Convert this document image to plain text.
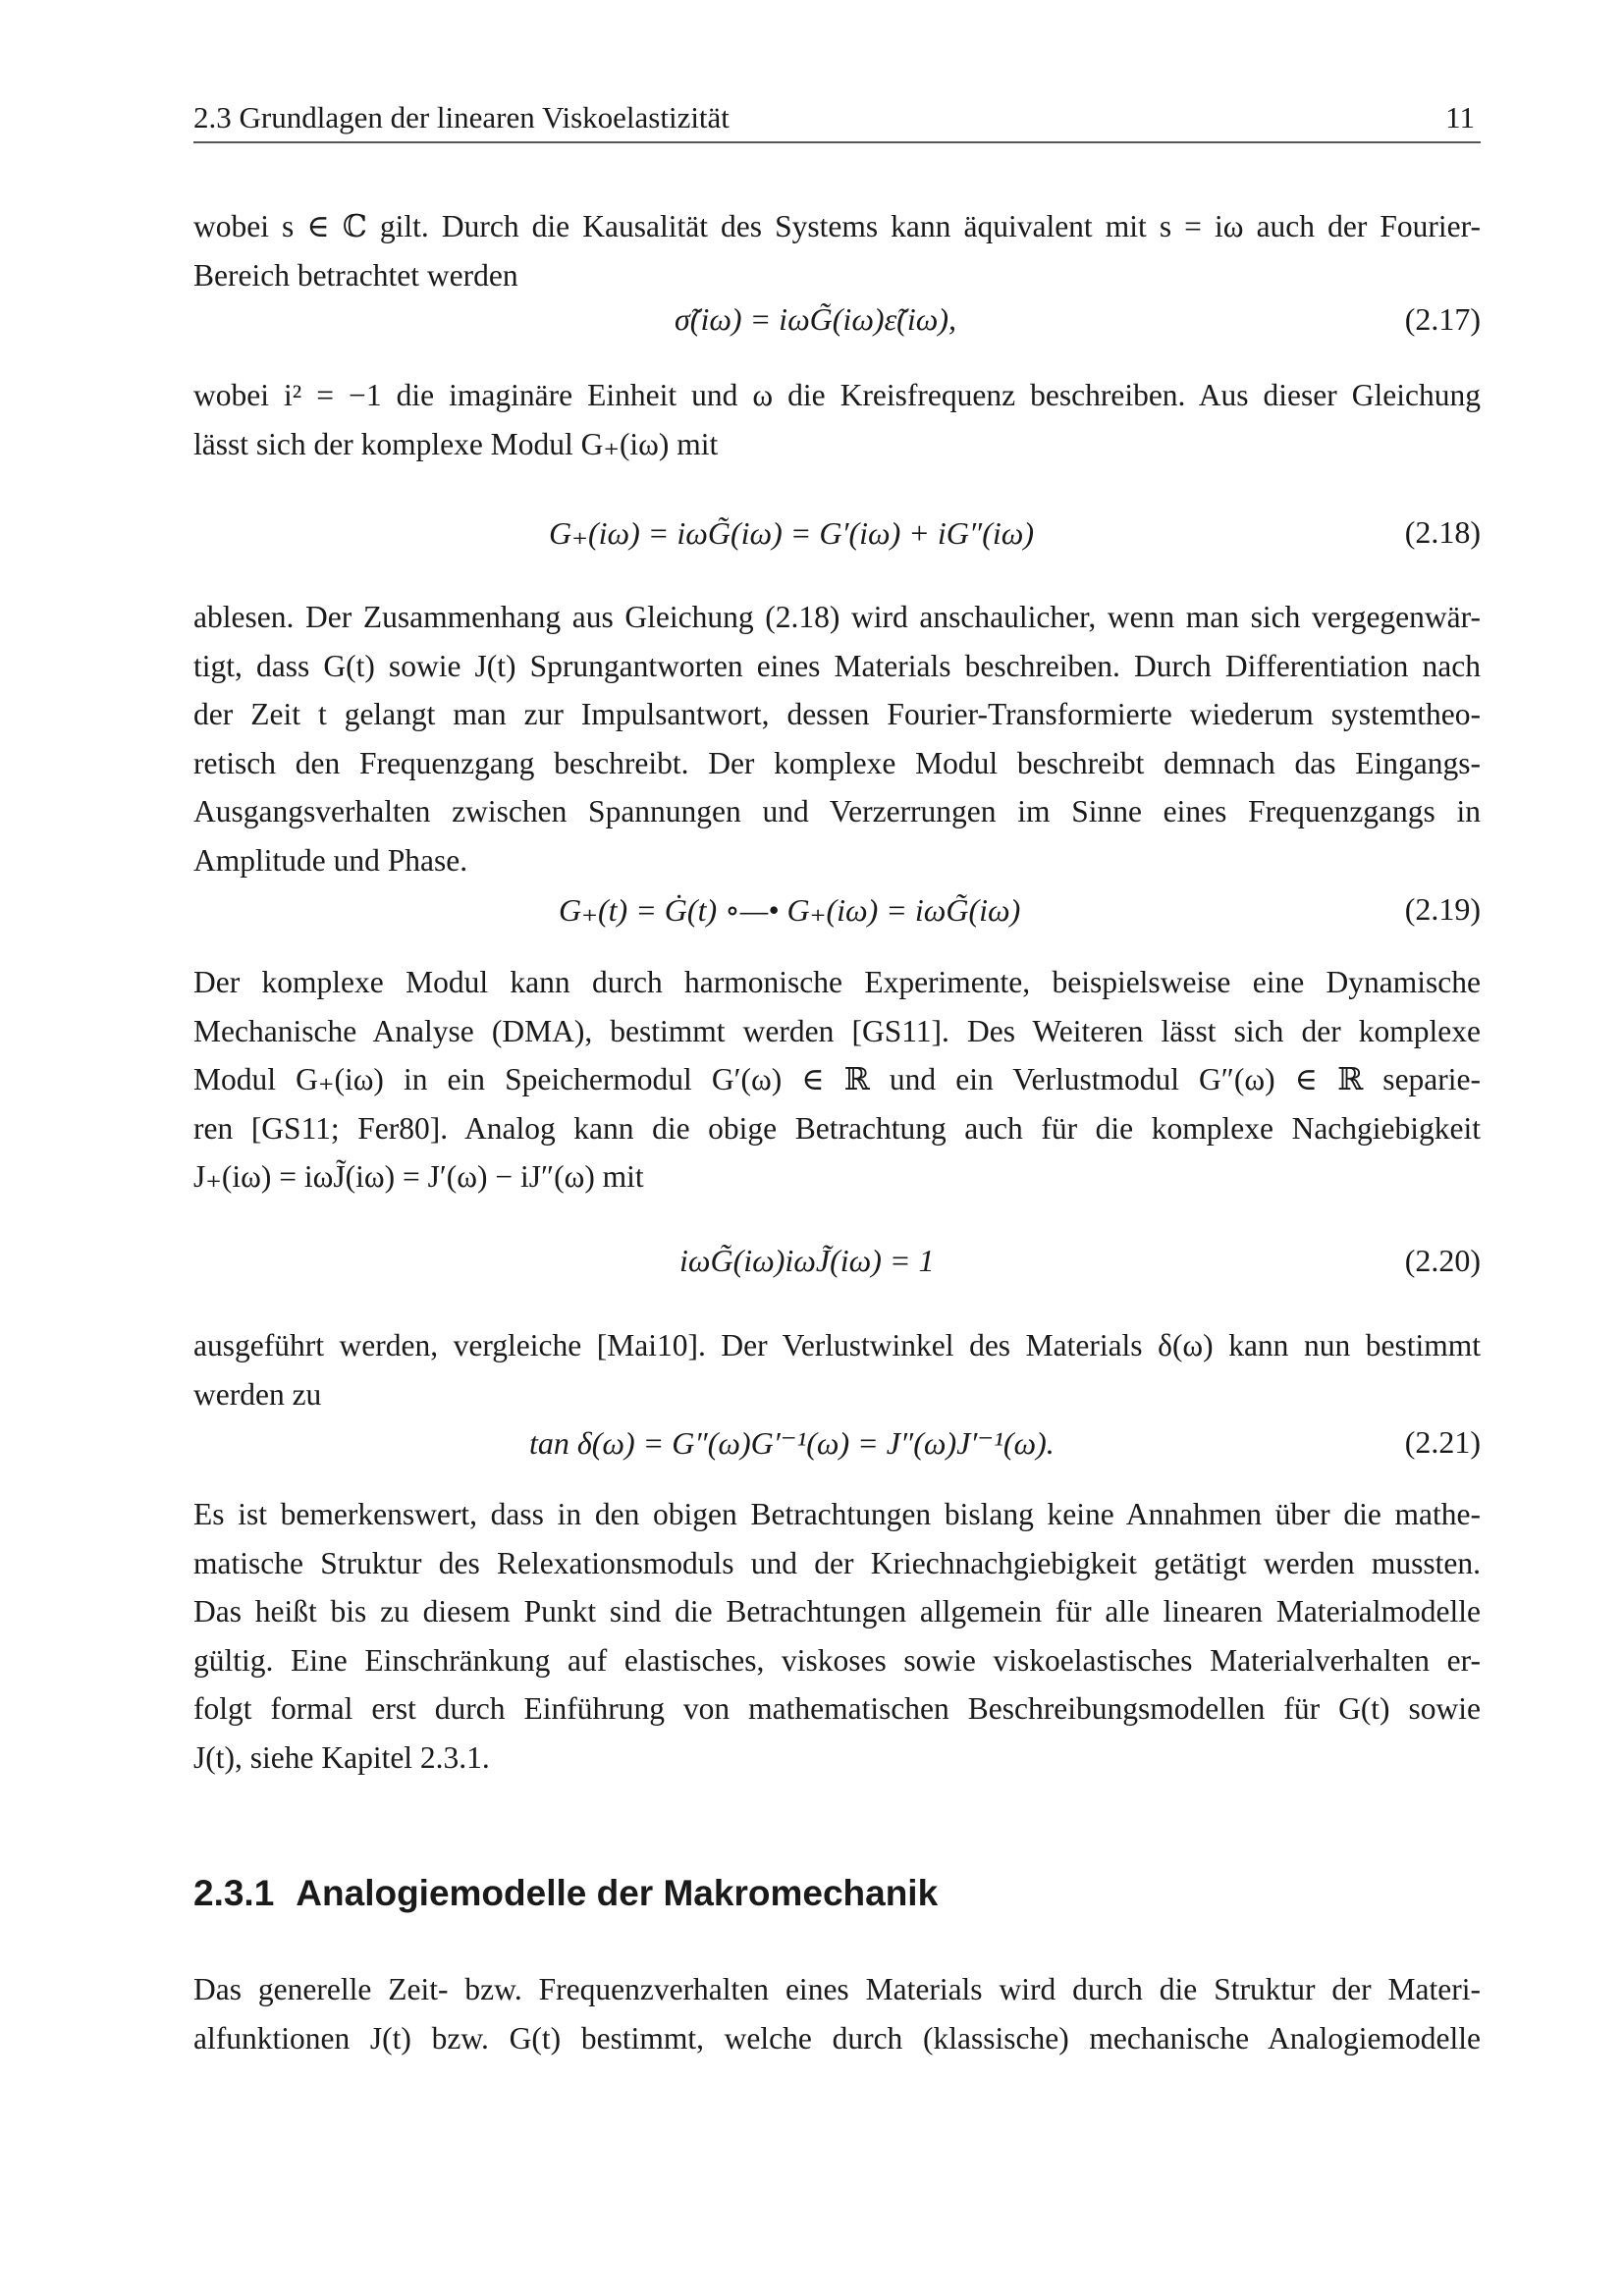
2.3 Grundlagen der linearen Viskoelastizität	11
wobei s ∈ ℂ gilt. Durch die Kausalität des Systems kann äquivalent mit s = iω auch der Fourier-
Bereich betrachtet werden
σ̃(iω) = iωG̃(iω)ε̃(iω),	(2.17)
wobei i² = −1 die imaginäre Einheit und ω die Kreisfrequenz beschreiben. Aus dieser Gleichung
lässt sich der komplexe Modul G₊(iω) mit
G₊(iω) = iωG̃(iω) = G′(iω) + iG″(iω)	(2.18)
ablesen. Der Zusammenhang aus Gleichung (2.18) wird anschaulicher, wenn man sich vergegenwär-
tigt, dass G(t) sowie J(t) Sprungantworten eines Materials beschreiben. Durch Differentiation nach
der Zeit t gelangt man zur Impulsantwort, dessen Fourier-Transformierte wiederum systemtheo-
retisch den Frequenzgang beschreibt. Der komplexe Modul beschreibt demnach das Eingangs-
Ausgangsverhalten zwischen Spannungen und Verzerrungen im Sinne eines Frequenzgangs in
Amplitude und Phase.
G₊(t) = Ġ(t) ∘—• G₊(iω) = iωG̃(iω)	(2.19)
Der komplexe Modul kann durch harmonische Experimente, beispielsweise eine Dynamische
Mechanische Analyse (DMA), bestimmt werden [GS11]. Des Weiteren lässt sich der komplexe
Modul G₊(iω) in ein Speichermodul G′(ω) ∈ ℝ und ein Verlustmodul G″(ω) ∈ ℝ separie-
ren [GS11; Fer80]. Analog kann die obige Betrachtung auch für die komplexe Nachgiebigkeit
J₊(iω) = iωJ̃(iω) = J′(ω) − iJ″(ω) mit
iωG̃(iω)iωJ̃(iω) = 1	(2.20)
ausgeführt werden, vergleiche [Mai10]. Der Verlustwinkel des Materials δ(ω) kann nun bestimmt
werden zu
tan δ(ω) = G″(ω)G′⁻¹(ω) = J″(ω)J′⁻¹(ω).	(2.21)
Es ist bemerkenswert, dass in den obigen Betrachtungen bislang keine Annahmen über die mathe-
matische Struktur des Relexationsmoduls und der Kriechnachgiebigkeit getätigt werden mussten.
Das heißt bis zu diesem Punkt sind die Betrachtungen allgemein für alle linearen Materialmodelle
gültig. Eine Einschränkung auf elastisches, viskoses sowie viskoelastisches Materialverhalten er-
folgt formal erst durch Einführung von mathematischen Beschreibungsmodellen für G(t) sowie
J(t), siehe Kapitel 2.3.1.
2.3.1 Analogiemodelle der Makromechanik
Das generelle Zeit- bzw. Frequenzverhalten eines Materials wird durch die Struktur der Materi-
alfunktionen J(t) bzw. G(t) bestimmt, welche durch (klassische) mechanische Analogiemodelle
